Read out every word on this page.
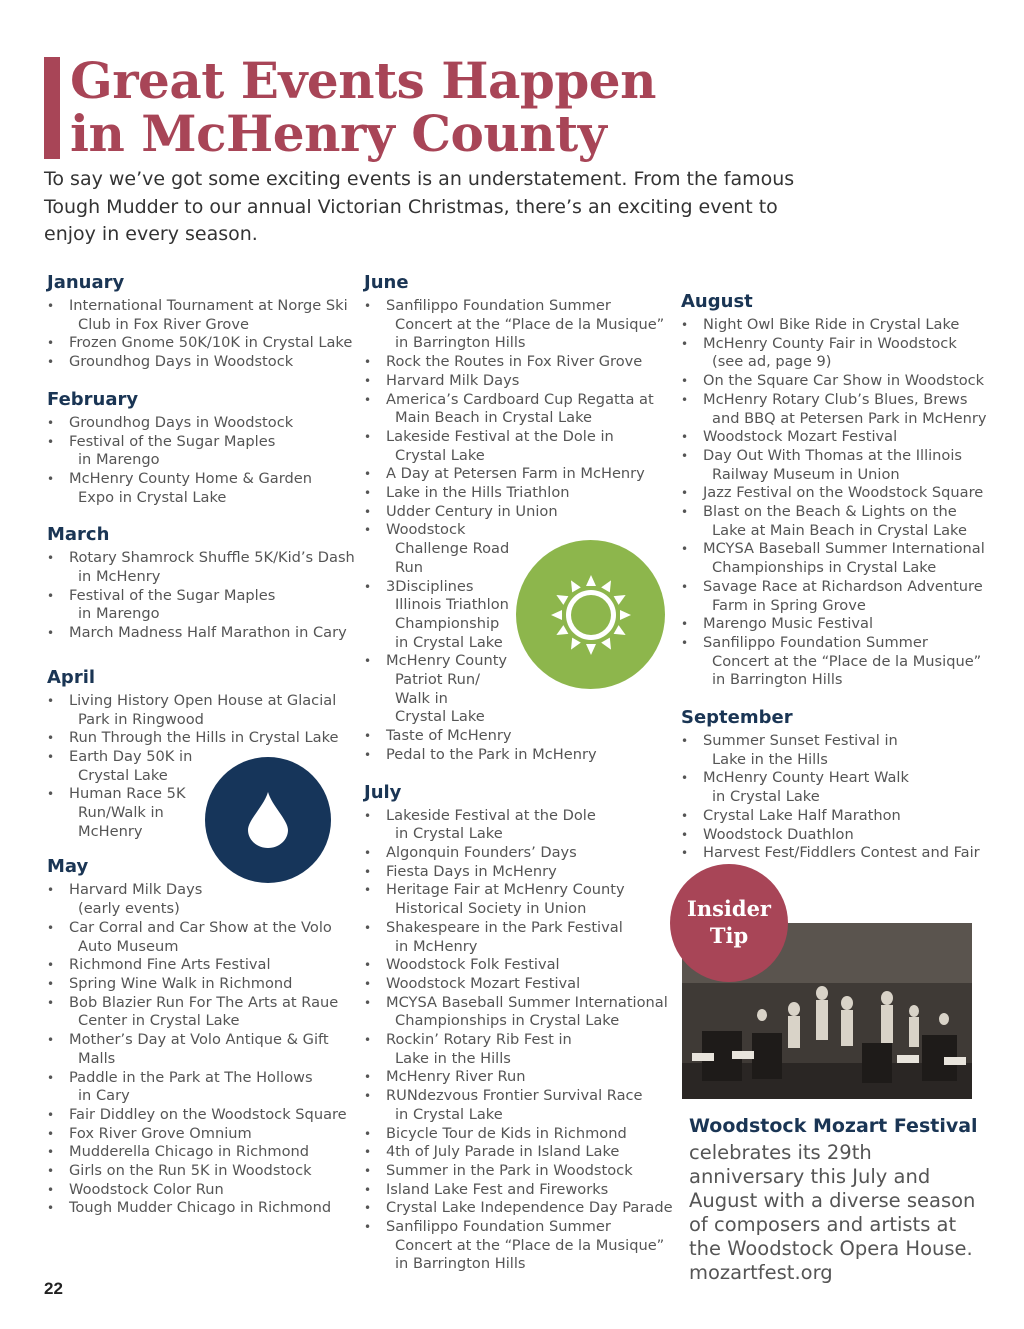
Great Events Happen
in McHenry County

To say we’ve got some exciting events is an understatement. From the famous Tough Mudder to our annual Victorian Christmas, there’s an exciting event to enjoy in every season.

January
• International Tournament at Norge Ski
Club in Fox River Grove
• Frozen Gnome 50K/10K in Crystal Lake
• Groundhog Days in Woodstock
February
• Groundhog Days in Woodstock
• Festival of the Sugar Maples
in Marengo
• McHenry County Home & Garden
Expo in Crystal Lake
March
• Rotary Shamrock Shuffle 5K/Kid’s Dash
in McHenry
• Festival of the Sugar Maples
in Marengo
• March Madness Half Marathon in Cary
April
• Living History Open House at Glacial
Park in Ringwood
• Run Through the Hills in Crystal Lake
• Earth Day 50K in
Crystal Lake
• Human Race 5K
Run/Walk in
McHenry
May
• Harvard Milk Days
(early events)
• Car Corral and Car Show at the Volo
Auto Museum
• Richmond Fine Arts Festival
• Spring Wine Walk in Richmond
• Bob Blazier Run For The Arts at Raue
Center in Crystal Lake
• Mother’s Day at Volo Antique & Gift
Malls
• Paddle in the Park at The Hollows
in Cary
• Fair Diddley on the Woodstock Square
• Fox River Grove Omnium
• Mudderella Chicago in Richmond
• Girls on the Run 5K in Woodstock
• Woodstock Color Run
• Tough Mudder Chicago in Richmond
June
• Sanfilippo Foundation Summer
Concert at the “Place de la Musique”
in Barrington Hills
• Rock the Routes in Fox River Grove
• Harvard Milk Days
• America’s Cardboard Cup Regatta at
Main Beach in Crystal Lake
• Lakeside Festival at the Dole in
Crystal Lake
• A Day at Petersen Farm in McHenry
• Lake in the Hills Triathlon
• Udder Century in Union
• Woodstock
Challenge Road
Run
• 3Disciplines
Illinois Triathlon
Championship
in Crystal Lake
• McHenry County
Patriot Run/
Walk in
Crystal Lake
• Taste of McHenry
• Pedal to the Park in McHenry
July
• Lakeside Festival at the Dole
in Crystal Lake
• Algonquin Founders’ Days
• Fiesta Days in McHenry
• Heritage Fair at McHenry County
Historical Society in Union
• Shakespeare in the Park Festival
in McHenry
• Woodstock Folk Festival
• Woodstock Mozart Festival
• MCYSA Baseball Summer International
Championships in Crystal Lake
• Rockin’ Rotary Rib Fest in
Lake in the Hills
• McHenry River Run
• RUNdezvous Frontier Survival Race
in Crystal Lake
• Bicycle Tour de Kids in Richmond
• 4th of July Parade in Island Lake
• Summer in the Park in Woodstock
• Island Lake Fest and Fireworks
• Crystal Lake Independence Day Parade
• Sanfilippo Foundation Summer
Concert at the “Place de la Musique”
in Barrington Hills
August
• Night Owl Bike Ride in Crystal Lake
• McHenry County Fair in Woodstock
(see ad, page 9)
• On the Square Car Show in Woodstock
• McHenry Rotary Club’s Blues, Brews
and BBQ at Petersen Park in McHenry
• Woodstock Mozart Festival
• Day Out With Thomas at the Illinois
Railway Museum in Union
• Jazz Festival on the Woodstock Square
• Blast on the Beach & Lights on the
Lake at Main Beach in Crystal Lake
• MCYSA Baseball Summer International
Championships in Crystal Lake
• Savage Race at Richardson Adventure
Farm in Spring Grove
• Marengo Music Festival
• Sanfilippo Foundation Summer
Concert at the “Place de la Musique”
in Barrington Hills
September
• Summer Sunset Festival in
Lake in the Hills
• McHenry County Heart Walk
in Crystal Lake
• Crystal Lake Half Marathon
• Woodstock Duathlon
• Harvest Fest/Fiddlers Contest and Fair
Insider
Tip
Woodstock Mozart Festival

celebrates its 29th anniversary this July and August with a diverse season of composers and artists at the Woodstock Opera House. mozartfest.org

22
